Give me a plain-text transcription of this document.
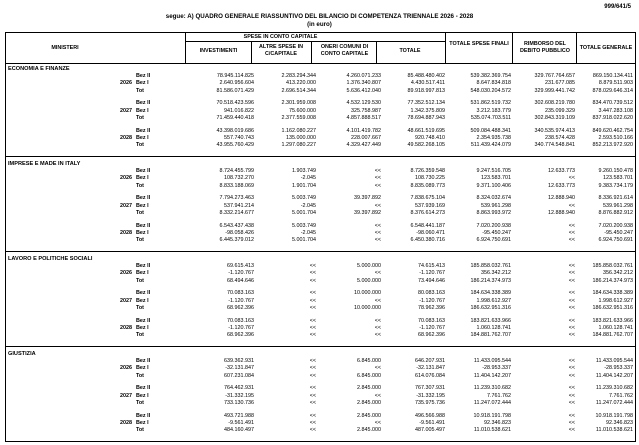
999/641/5
segue: A) QUADRO GENERALE RIASSUNTIVO DEL BILANCIO DI COMPETENZA TRIENNALE 2026 - 2028
(in euro)
MINISTERI
SPESE IN CONTO CAPITALE
INVESTIMENTI
ALTRE SPESE IN C/CAPITALE
ONERI COMUNI DI CONTO CAPITALE	TOTALE
TOTALE SPESE FINALI	RIMBORSO DEL DEBITO PUBBLICO	TOTALE GENERALE
ECONOMIA E FINANZE
Bez II	78.945.114.825	2.283.294.344	4.260.071.233	85.488.480.402	539.382.369.754	329.767.764.657	869.150.134.411
2026 Bez I	2.640.956.604	413.220.000	1.376.340.807	4.430.517.411	8.647.834.818	231.677.085	8.879.511.903
Tot	81.586.071.429	2.696.514.344	5.636.412.040	89.918.997.813	548.030.204.572	329.999.441.742	878.029.646.314
Bez II	70.518.423.596	2.301.959.008	4.532.129.530	77.352.512.134	531.862.519.732	302.608.219.780	834.470.739.512
2027 Bez I	941.016.822	75.600.000	325.758.987	1.342.375.809	3.212.183.779	235.099.329	3.447.283.108
Tot	71.459.440.418	2.377.559.008	4.857.888.517	78.694.887.943	535.074.703.511	302.843.319.109	837.918.022.620
Bez II	43.398.019.686	1.162.080.227	4.101.419.782	48.661.519.695	509.084.488.341	340.535.974.413	849.620.462.754
2028 Bez I	557.740.743	135.000.000	228.007.667	920.748.410	2.354.935.738	238.574.428	2.593.510.166
Tot	43.955.760.429	1.297.080.227	4.329.427.449	49.582.268.105	511.439.424.079	340.774.548.841	852.213.972.920
IMPRESE E MADE IN ITALY
Bez II	8.724.455.799	1.903.749	<<	8.726.359.548	9.247.516.705	12.633.773	9.260.150.478
2026 Bez I	108.732.270	-2.045	<<	108.730.225	123.583.701	<<	123.583.701
Tot	8.833.188.069	1.901.704	<<	8.835.089.773	9.371.100.406	12.633.773	9.383.734.179
Bez II	7.794.273.463	5.003.749	39.397.892	7.838.675.104	8.324.032.674	12.888.940	8.336.921.614
2027 Bez I	537.941.214	-2.045	<<	537.939.169	539.961.298	<<	539.961.298
Tot	8.332.214.677	5.001.704	39.397.892	8.376.614.273	8.863.993.972	12.888.940	8.876.882.912
Bez II	6.543.437.438	5.003.749	<<	6.548.441.187	7.020.200.938	<<	7.020.200.938
2028 Bez I	-98.058.426	-2.045	<<	-98.060.471	-95.450.247	<<	-95.450.247
Tot	6.445.379.012	5.001.704	<<	6.450.380.716	6.924.750.691	<<	6.924.750.691
LAVORO E POLITICHE SOCIALI
Bez II	69.615.413	<<	5.000.000	74.615.413	185.858.032.761	<<	185.858.032.761
2026 Bez I	-1.120.767	<<	<<	-1.120.767	356.342.212	<<	356.342.212
Tot	68.494.646	<<	5.000.000	73.494.646	186.214.374.973	<<	186.214.374.973
Bez II	70.083.163	<<	10.000.000	80.083.163	184.634.338.389	<<	184.634.338.389
2027 Bez I	-1.120.767	<<	<<	-1.120.767	1.998.612.927	<<	1.998.612.927
Tot	68.962.396	<<	10.000.000	78.962.396	186.632.951.316	<<	186.632.951.316
Bez II	70.083.163	<<	<<	70.083.163	183.821.633.966	<<	183.821.633.966
2028 Bez I	-1.120.767	<<	<<	-1.120.767	1.060.128.741	<<	1.060.128.741
Tot	68.962.396	<<	<<	68.962.396	184.881.762.707	<<	184.881.762.707
GIUSTIZIA
Bez II	639.362.931	<<	6.845.000	646.207.931	11.433.095.544	<<	11.433.095.544
2026 Bez I	-32.131.847	<<	<<	-32.131.847	-28.953.337	<<	-28.953.337
Tot	607.231.084	<<	6.845.000	614.076.084	11.404.142.207	<<	11.404.142.207
Bez II	764.462.931	<<	2.845.000	767.307.931	11.239.310.682	<<	11.239.310.682
2027 Bez I	-31.332.195	<<	<<	-31.332.195	7.761.762	<<	7.761.762
Tot	733.130.736	<<	2.845.000	735.975.736	11.247.072.444	<<	11.247.072.444
Bez II	493.721.988	<<	2.845.000	496.566.988	10.918.191.798	<<	10.918.191.798
2028 Bez I	-9.561.491	<<	<<	-9.561.491	92.346.823	<<	92.346.823
Tot	484.160.497	<<	2.845.000	487.005.497	11.010.538.621	<<	11.010.538.621
